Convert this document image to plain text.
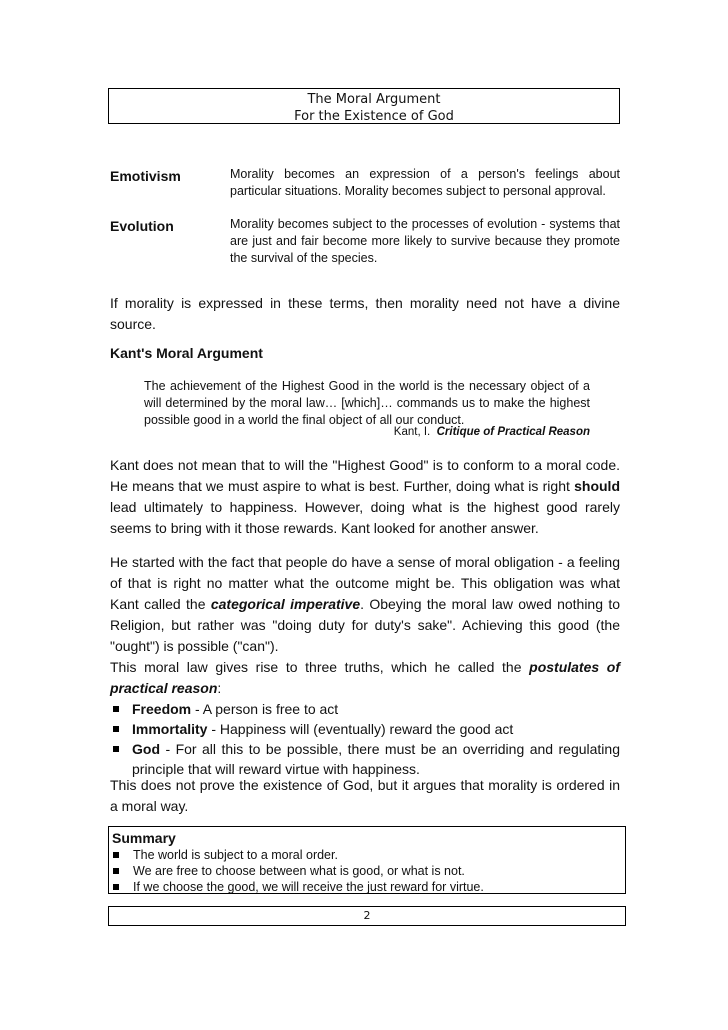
The Moral Argument
For the Existence of God
Emotivism	Morality becomes an expression of a person's feelings about particular situations. Morality becomes subject to personal approval.
Evolution	Morality becomes subject to the processes of evolution - systems that are just and fair become more likely to survive because they promote the survival of the species.

If morality is expressed in these terms, then morality need not have a divine source.

Kant's Moral Argument
The achievement of the Highest Good in the world is the necessary object of a will determined by the moral law… [which]… commands us to make the highest possible good in a world the final object of all our conduct.
Kant, I. Critique of Practical Reason

Kant does not mean that to will the "Highest Good" is to conform to a moral code. He means that we must aspire to what is best. Further, doing what is right should lead ultimately to happiness. However, doing what is the highest good rarely seems to bring with it those rewards. Kant looked for another answer.

He started with the fact that people do have a sense of moral obligation - a feeling of that is right no matter what the outcome might be. This obligation was what Kant called the categorical imperative. Obeying the moral law owed nothing to Religion, but rather was "doing duty for duty's sake". Achieving this good (the "ought") is possible ("can").

This moral law gives rise to three truths, which he called the postulates of practical reason:

Freedom - A person is free to act
Immortality - Happiness will (eventually) reward the good act
God - For all this to be possible, there must be an overriding and regulating principle that will reward virtue with happiness.

This does not prove the existence of God, but it argues that morality is ordered in a moral way.

Summary
The world is subject to a moral order.
We are free to choose between what is good, or what is not.
If we choose the good, we will receive the just reward for virtue.
2
